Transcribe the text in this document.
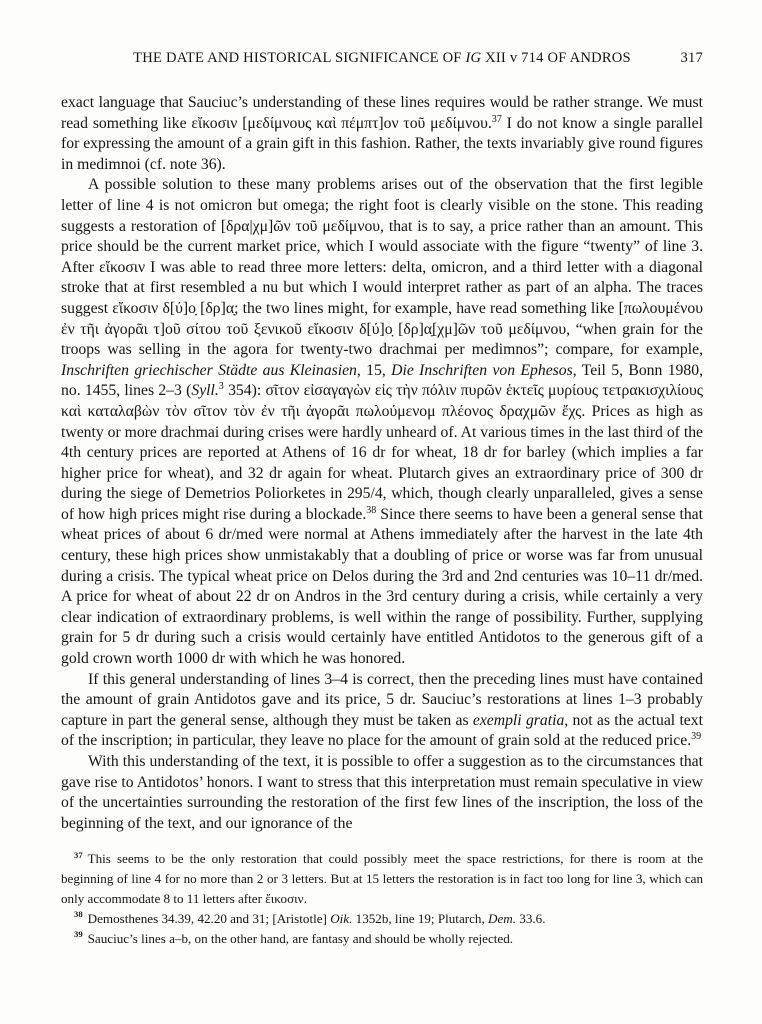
THE DATE AND HISTORICAL SIGNIFICANCE OF IG XII v 714 OF ANDROS	317

exact language that Sauciuc’s understanding of these lines requires would be rather strange. We must read something like εἴκοσιν [μεδίμνους καὶ πέμπτ]ον τοῦ μεδίμνου.$^{37}$ I do not know a single parallel for expressing the amount of a grain gift in this fashion. Rather, the texts invariably give round figures in medimnoi (cf. note 36).

A possible solution to these many problems arises out of the observation that the first legible letter of line 4 is not omicron but omega; the right foot is clearly visible on the stone. This reading suggests a restoration of [δρα|χμ]ῶν τοῦ μεδίμνου, that is to say, a price rather than an amount. This price should be the current market price, which I would associate with the figure “twenty” of line 3. After εἴκοσιν I was able to read three more letters: delta, omicron, and a third letter with a diagonal stroke that at first resembled a nu but which I would interpret rather as part of an alpha. The traces suggest εἴκοσιν δ[ύ]ο̣ [δρ]α̣; the two lines might, for example, have read something like [πωλουμένου ἐν τῆι ἀγορᾶι τ]οῦ σίτου τοῦ ξενικοῦ εἴκοσιν δ[ύ]ο̣ [δρ]α̣[χμ]ῶν τοῦ μεδίμνου, “when grain for the troops was selling in the agora for twenty-two drachmai per medimnos”; compare, for example, Inschriften griechischer Städte aus Kleinasien, 15, Die Inschriften von Ephesos, Teil 5, Bonn 1980, no. 1455, lines 2–3 (Syll.$^3$ 354): σῖτον εἰσαγαγὼν εἰς τὴν πόλιν πυρῶν ἑκτεῖς μυρίους τετρακισχιλίους καὶ καταλαβὼν τὸν σῖτον τὸν ἐν τῆι ἀγορᾶι πωλούμενομ πλέονος δραχμῶν ἔχς. Prices as high as twenty or more drachmai during crises were hardly unheard of. At various times in the last third of the 4th century prices are reported at Athens of 16 dr for wheat, 18 dr for barley (which implies a far higher price for wheat), and 32 dr again for wheat. Plutarch gives an extraordinary price of 300 dr during the siege of Demetrios Poliorketes in 295/4, which, though clearly unparalleled, gives a sense of how high prices might rise during a blockade.$^{38}$ Since there seems to have been a general sense that wheat prices of about 6 dr/med were normal at Athens immediately after the harvest in the late 4th century, these high prices show unmistakably that a doubling of price or worse was far from unusual during a crisis. The typical wheat price on Delos during the 3rd and 2nd centuries was 10–11 dr/med. A price for wheat of about 22 dr on Andros in the 3rd century during a crisis, while certainly a very clear indication of extraordinary problems, is well within the range of possibility. Further, supplying grain for 5 dr during such a crisis would certainly have entitled Antidotos to the generous gift of a gold crown worth 1000 dr with which he was honored.

If this general understanding of lines 3–4 is correct, then the preceding lines must have contained the amount of grain Antidotos gave and its price, 5 dr. Sauciuc’s restorations at lines 1–3 probably capture in part the general sense, although they must be taken as exempli gratia, not as the actual text of the inscription; in particular, they leave no place for the amount of grain sold at the reduced price.$^{39}$

With this understanding of the text, it is possible to offer a suggestion as to the circumstances that gave rise to Antidotos’ honors. I want to stress that this interpretation must remain speculative in view of the uncertainties surrounding the restoration of the first few lines of the inscription, the loss of the beginning of the text, and our ignorance of the

$^{37}$ This seems to be the only restoration that could possibly meet the space restrictions, for there is room at the beginning of line 4 for no more than 2 or 3 letters. But at 15 letters the restoration is in fact too long for line 3, which can only accommodate 8 to 11 letters after ἔικοσιν.

$^{38}$ Demosthenes 34.39, 42.20 and 31; [Aristotle] Oik. 1352b, line 19; Plutarch, Dem. 33.6.

$^{39}$ Sauciuc’s lines a–b, on the other hand, are fantasy and should be wholly rejected.
